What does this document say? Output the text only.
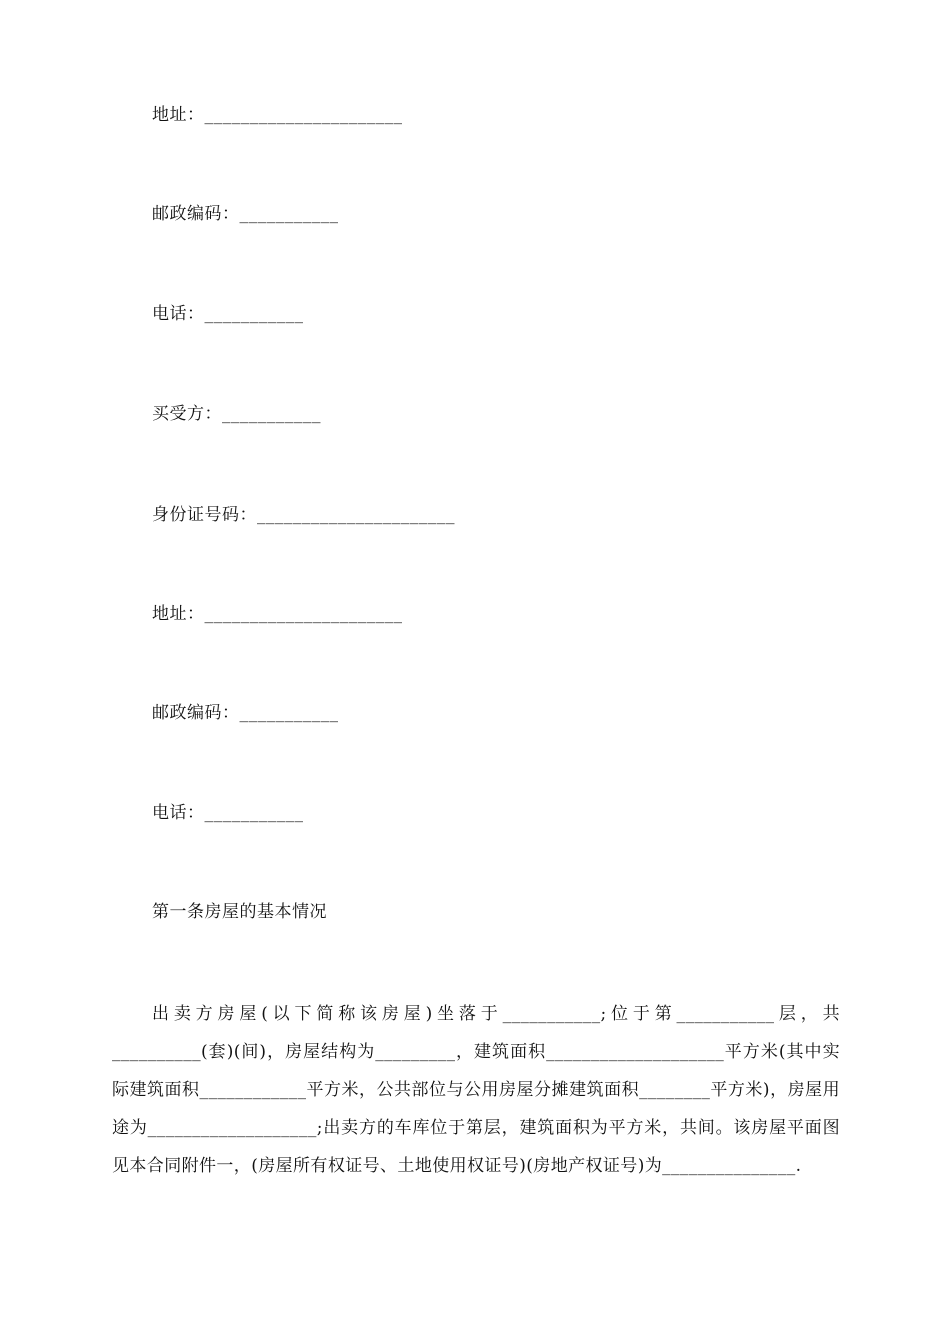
地址：______________________
邮政编码：___________
电话：___________
买受方：___________
身份证号码：______________________
地址：______________________
邮政编码：___________
电话：___________
第一条房屋的基本情况
出卖方房屋(以下简称该房屋)坐落于___________;位于第___________层，共__________(套)(间)，房屋结构为_________，建筑面积____________________平方米(其中实际建筑面积____________平方米，公共部位与公用房屋分摊建筑面积________平方米)，房屋用途为___________________;出卖方的车库位于第层，建筑面积为平方米，共间。该房屋平面图见本合同附件一，(房屋所有权证号、土地使用权证号)(房地产权证号)为_______________.
